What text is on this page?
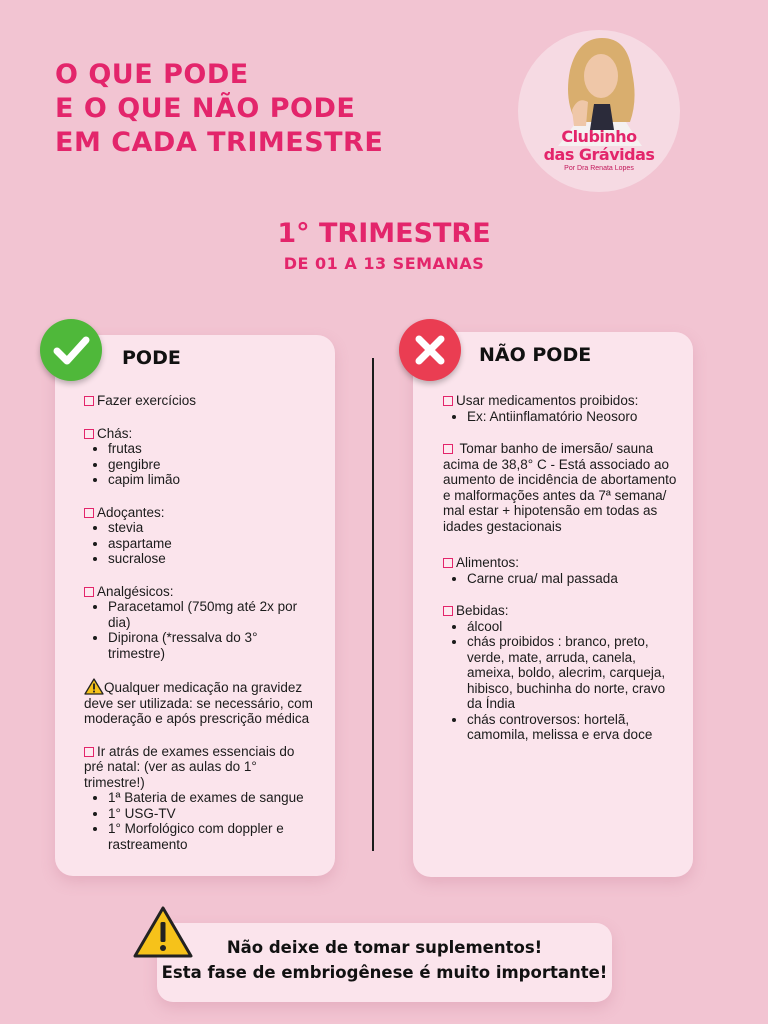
O QUE PODE
E O QUE NÃO PODE
EM CADA TRIMESTRE	Clubinho
das Grávidas
Por Dra Renata Lopes
1° TRIMESTRE
DE 01 A 13 SEMANAS
PODE
Fazer exercícios
Chás:
• frutas
• gengibre
• capim limão
Adoçantes:
• stevia
• aspartame
• sucralose
Analgésicos:
• Paracetamol (750mg até 2x por dia)
• Dipirona (*ressalva do 3° trimestre)
Qualquer medicação na gravidez deve ser utilizada: se necessário, com moderação e após prescrição médica
Ir atrás de exames essenciais do pré natal: (ver as aulas do 1° trimestre!)
• 1ª Bateria de exames de sangue
• 1° USG-TV
• 1° Morfológico com doppler e rastreamento
NÃO PODE
Usar medicamentos proibidos:
• Ex: Antiinflamatório Neosoro
Tomar banho de imersão/ sauna acima de 38,8° C - Está associado ao aumento de incidência de abortamento e malformações antes da 7ª semana/ mal estar + hipotensão em todas as idades gestacionais
Alimentos:
• Carne crua/ mal passada
Bebidas:
• álcool
• chás proibidos : branco, preto, verde, mate, arruda, canela, ameixa, boldo, alecrim, carqueja, hibisco, buchinha do norte, cravo da Índia
• chás controversos: hortelã, camomila, melissa e erva doce
Não deixe de tomar suplementos!
Esta fase de embriogênese é muito importante!
